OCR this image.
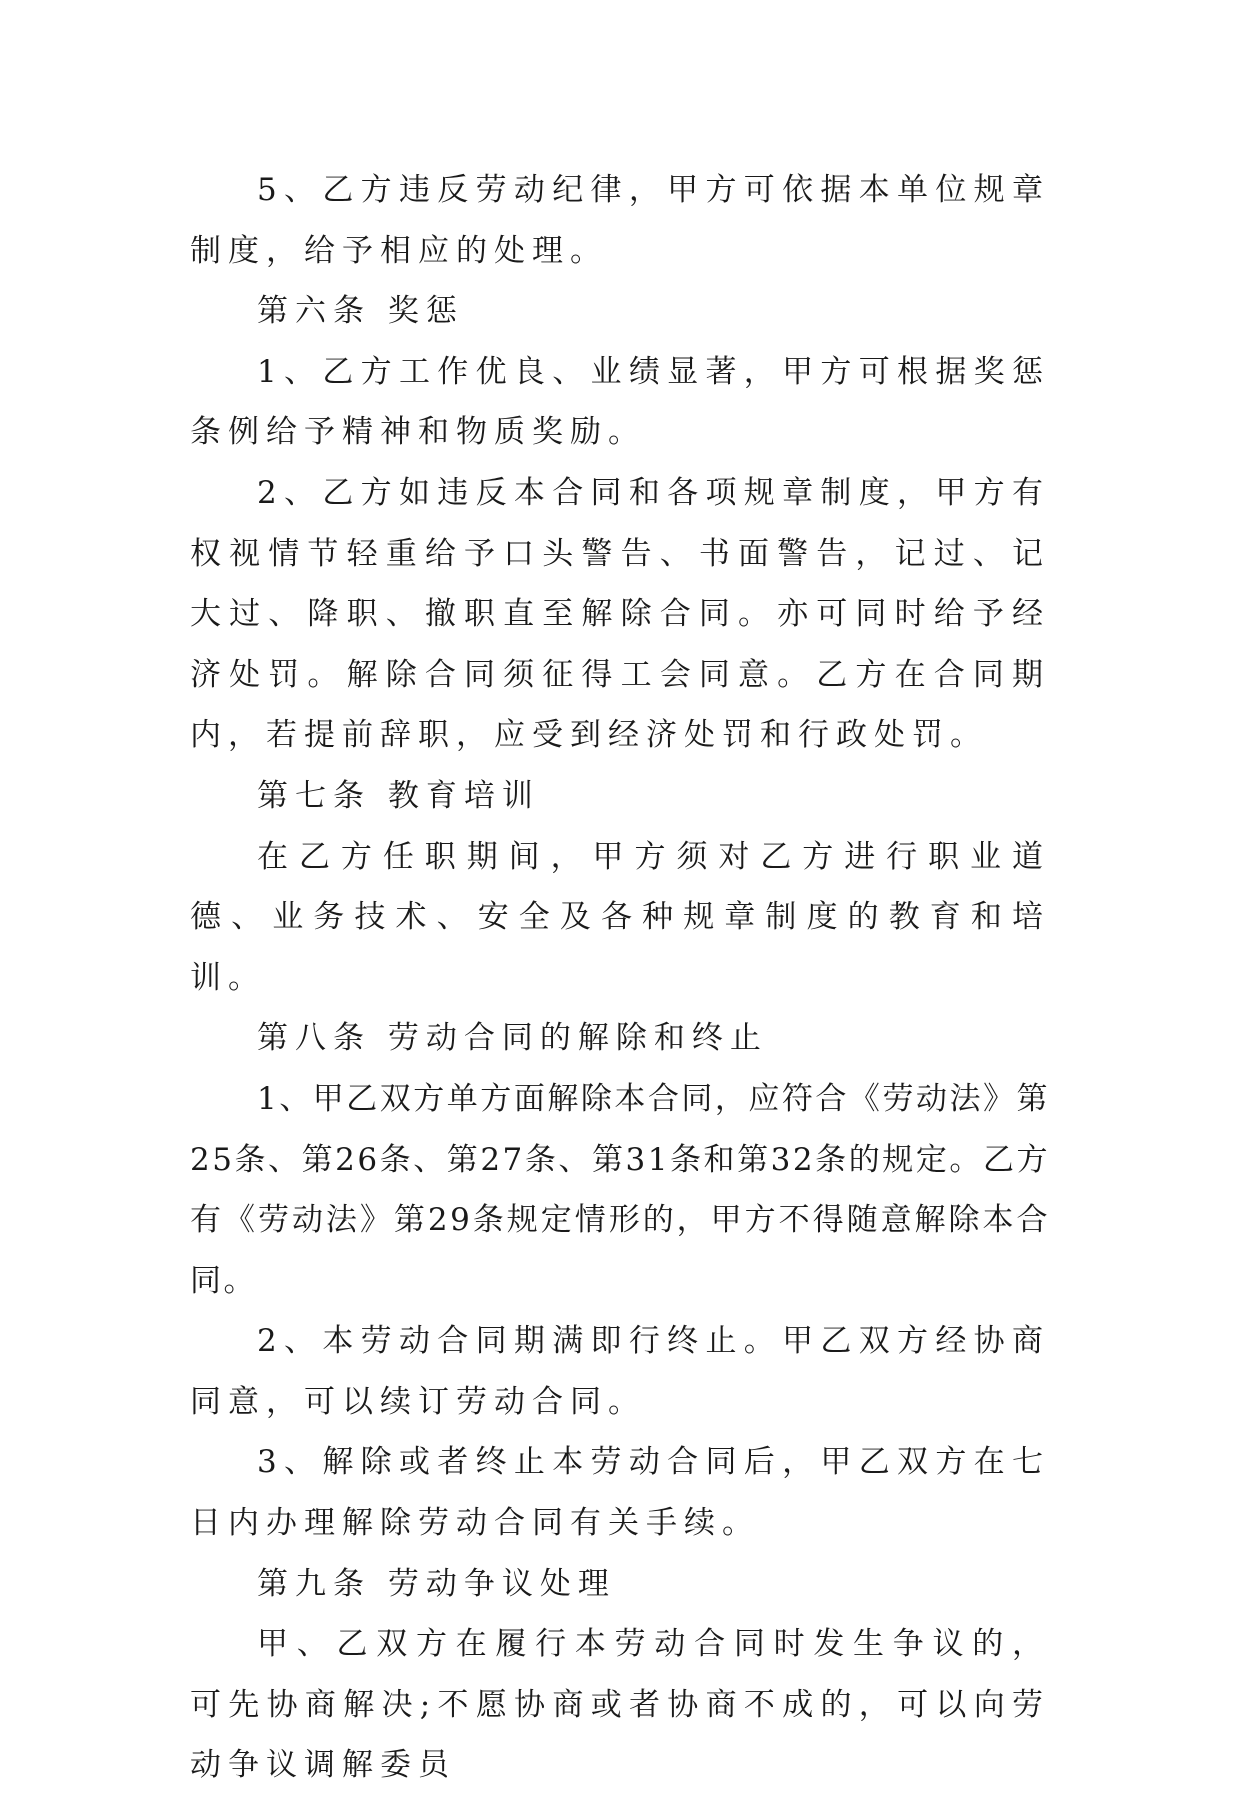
5、乙方违反劳动纪律，甲方可依据本单位规章制度，给予相应的处理。

第六条 奖惩

1、乙方工作优良、业绩显著，甲方可根据奖惩条例给予精神和物质奖励。

2、乙方如违反本合同和各项规章制度，甲方有权视情节轻重给予口头警告、书面警告，记过、记大过、降职、撤职直至解除合同。亦可同时给予经济处罚。解除合同须征得工会同意。乙方在合同期内，若提前辞职，应受到经济处罚和行政处罚。

第七条 教育培训

在乙方任职期间，甲方须对乙方进行职业道德、业务技术、安全及各种规章制度的教育和培训。

第八条 劳动合同的解除和终止

1、甲乙双方单方面解除本合同，应符合《劳动法》第25条、第26条、第27条、第31条和第32条的规定。乙方有《劳动法》第29条规定情形的，甲方不得随意解除本合同。

2、本劳动合同期满即行终止。甲乙双方经协商同意，可以续订劳动合同。

3、解除或者终止本劳动合同后，甲乙双方在七日内办理解除劳动合同有关手续。

第九条 劳动争议处理

甲、乙双方在履行本劳动合同时发生争议的，可先协商解决;不愿协商或者协商不成的，可以向劳动争议调解委员
